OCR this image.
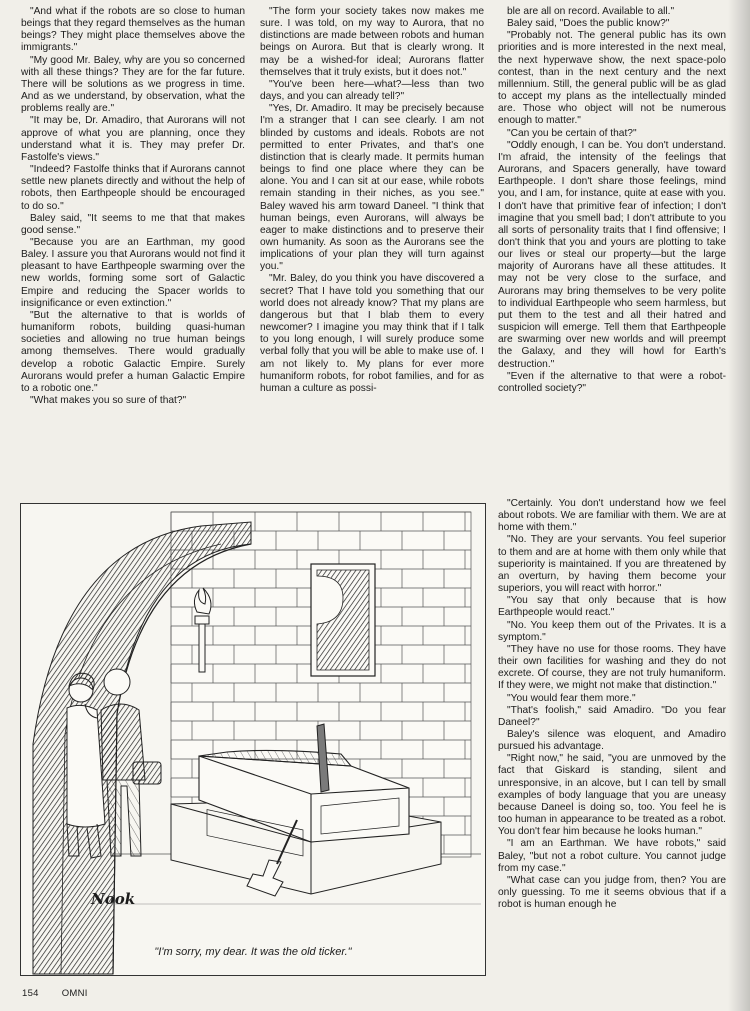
"And what if the robots are so close to human beings that they regard themselves as the human beings? They might place themselves above the immigrants."

"My good Mr. Baley, why are you so concerned with all these things? They are for the far future. There will be solutions as we progress in time. And as we understand, by observation, what the problems really are."

"It may be, Dr. Amadiro, that Aurorans will not approve of what you are planning, once they understand what it is. They may prefer Dr. Fastolfe's views."

"Indeed? Fastolfe thinks that if Aurorans cannot settle new planets directly and without the help of robots, then Earthpeople should be encouraged to do so."

Baley said, "It seems to me that that makes good sense."

"Because you are an Earthman, my good Baley. I assure you that Aurorans would not find it pleasant to have Earthpeople swarming over the new worlds, forming some sort of Galactic Empire and reducing the Spacer worlds to insignificance or even extinction."

"But the alternative to that is worlds of humaniform robots, building quasi-human societies and allowing no true human beings among themselves. There would gradually develop a robotic Galactic Empire. Surely Aurorans would prefer a human Galactic Empire to a robotic one."

"What makes you so sure of that?"

"The form your society takes now makes me sure. I was told, on my way to Aurora, that no distinctions are made between robots and human beings on Aurora. But that is clearly wrong. It may be a wished-for ideal; Aurorans flatter themselves that it truly exists, but it does not."

"You've been here—what?—less than two days, and you can already tell?"

"Yes, Dr. Amadiro. It may be precisely because I'm a stranger that I can see clearly. I am not blinded by customs and ideals. Robots are not permitted to enter Privates, and that's one distinction that is clearly made. It permits human beings to find one place where they can be alone. You and I can sit at our ease, while robots remain standing in their niches, as you see." Baley waved his arm toward Daneel. "I think that human beings, even Aurorans, will always be eager to make distinctions and to preserve their own humanity. As soon as the Aurorans see the implications of your plan they will turn against you."

"Mr. Baley, do you think you have discovered a secret? That I have told you something that our world does not already know? That my plans are dangerous but that I blab them to every newcomer? I imagine you may think that if I talk to you long enough, I will surely produce some verbal folly that you will be able to make use of. I am not likely to. My plans for ever more humaniform robots, for robot families, and for as human a culture as possi-

ble are all on record. Available to all."

Baley said, "Does the public know?"

"Probably not. The general public has its own priorities and is more interested in the next meal, the next hyperwave show, the next space-polo contest, than in the next century and the next millennium. Still, the general public will be as glad to accept my plans as the intellectually minded are. Those who object will not be numerous enough to matter."

"Can you be certain of that?"

"Oddly enough, I can be. You don't understand. I'm afraid, the intensity of the feelings that Aurorans, and Spacers generally, have toward Earthpeople. I don't share those feelings, mind you, and I am, for instance, quite at ease with you. I don't have that primitive fear of infection; I don't imagine that you smell bad; I don't attribute to you all sorts of personality traits that I find offensive; I don't think that you and yours are plotting to take our lives or steal our property—but the large majority of Aurorans have all these attitudes. It may not be very close to the surface, and Aurorans may bring themselves to be very polite to individual Earthpeople who seem harmless, but put them to the test and all their hatred and suspicion will emerge. Tell them that Earthpeople are swarming over new worlds and will preempt the Galaxy, and they will howl for Earth's destruction."

"Even if the alternative to that were a robot-controlled society?"

"Certainly. You don't understand how we feel about robots. We are familiar with them. We are at home with them."

"No. They are your servants. You feel superior to them and are at home with them only while that superiority is maintained. If you are threatened by an overturn, by having them become your superiors, you will react with horror."

"You say that only because that is how Earthpeople would react."

"No. You keep them out of the Privates. It is a symptom."

"They have no use for those rooms. They have their own facilities for washing and they do not excrete. Of course, they are not truly humaniform. If they were, we might not make that distinction."

"You would fear them more."

"That's foolish," said Amadiro. "Do you fear Daneel?"

Baley's silence was eloquent, and Amadiro pursued his advantage.

"Right now," he said, "you are unmoved by the fact that Giskard is standing, silent and unresponsive, in an alcove, but I can tell by small examples of body language that you are uneasy because Daneel is doing so, too. You feel he is too human in appearance to be treated as a robot. You don't fear him because he looks human."

"I am an Earthman. We have robots," said Baley, "but not a robot culture. You cannot judge from my case."

"What case can you judge from, then? You are only guessing. To me it seems obvious that if a robot is human enough he

Nook
"I'm sorry, my dear. It was the old ticker."
154 OMNI
